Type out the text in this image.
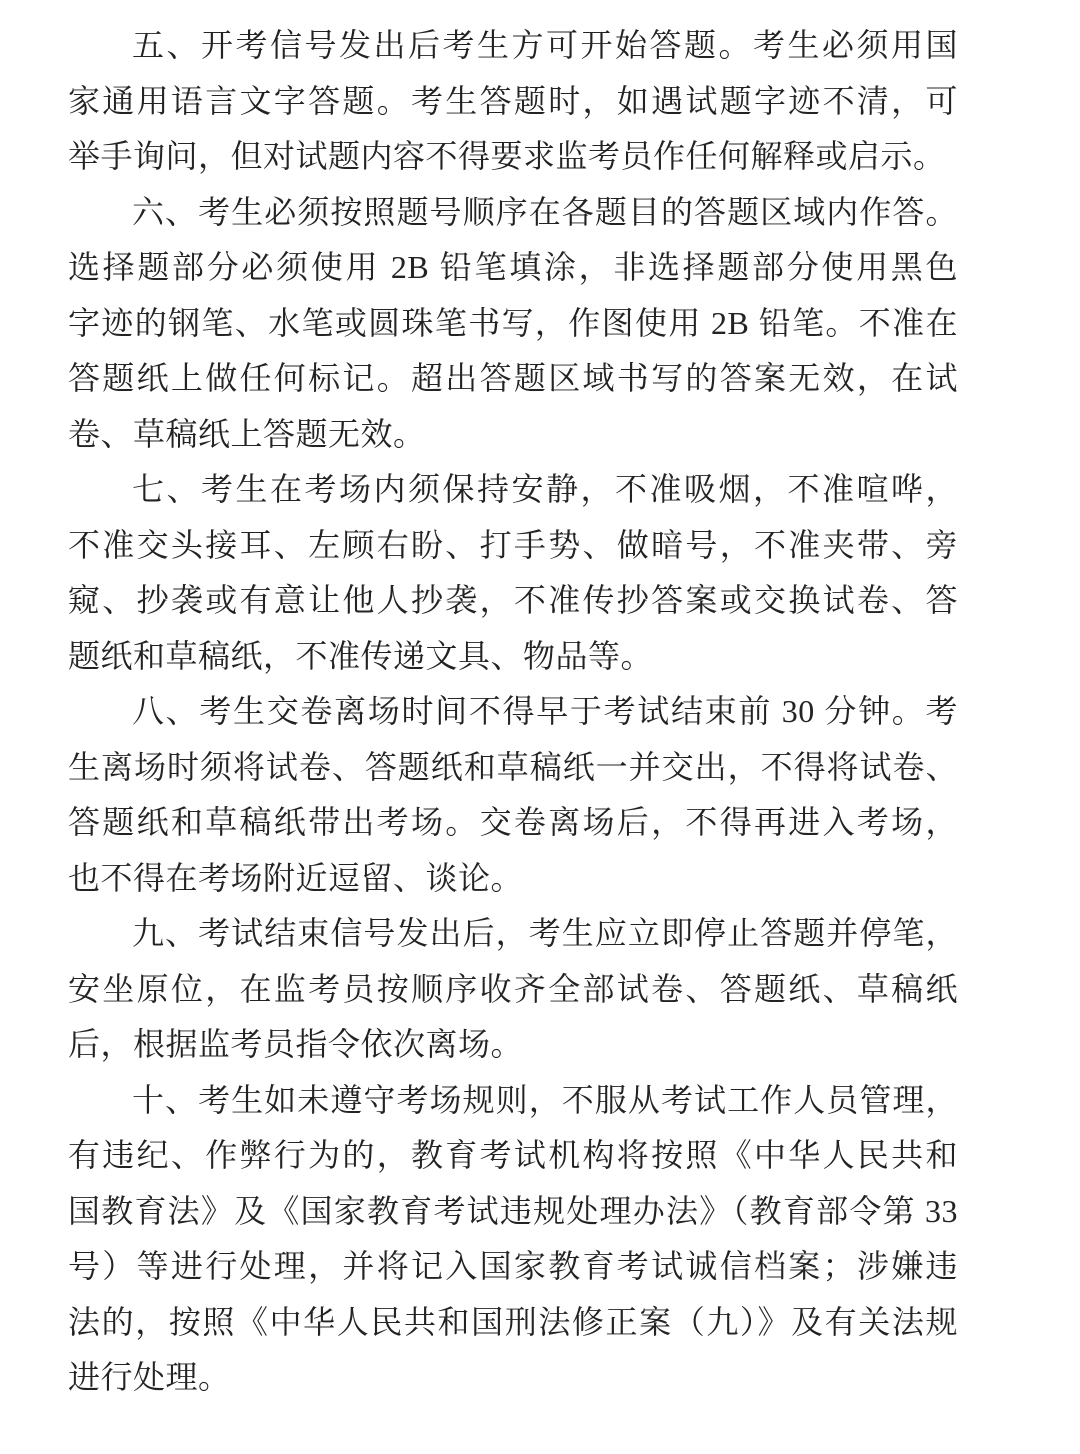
五、开考信号发出后考生方可开始答题。考生必须用国
家通用语言文字答题。考生答题时，如遇试题字迹不清，可
举手询问，但对试题内容不得要求监考员作任何解释或启示。
六、考生必须按照题号顺序在各题目的答题区域内作答。
选择题部分必须使用 2B 铅笔填涂，非选择题部分使用黑色
字迹的钢笔、水笔或圆珠笔书写，作图使用 2B 铅笔。不准在
答题纸上做任何标记。超出答题区域书写的答案无效，在试
卷、草稿纸上答题无效。
七、考生在考场内须保持安静，不准吸烟，不准喧哗，
不准交头接耳、左顾右盼、打手势、做暗号，不准夹带、旁
窥、抄袭或有意让他人抄袭，不准传抄答案或交换试卷、答
题纸和草稿纸，不准传递文具、物品等。
八、考生交卷离场时间不得早于考试结束前 30 分钟。考
生离场时须将试卷、答题纸和草稿纸一并交出，不得将试卷、
答题纸和草稿纸带出考场。交卷离场后，不得再进入考场，
也不得在考场附近逗留、谈论。
九、考试结束信号发出后，考生应立即停止答题并停笔，
安坐原位，在监考员按顺序收齐全部试卷、答题纸、草稿纸
后，根据监考员指令依次离场。
十、考生如未遵守考场规则，不服从考试工作人员管理，
有违纪、作弊行为的，教育考试机构将按照《中华人民共和
国教育法》及《国家教育考试违规处理办法》（教育部令第 33
号）等进行处理，并将记入国家教育考试诚信档案；涉嫌违
法的，按照《中华人民共和国刑法修正案（九）》及有关法规
进行处理。
